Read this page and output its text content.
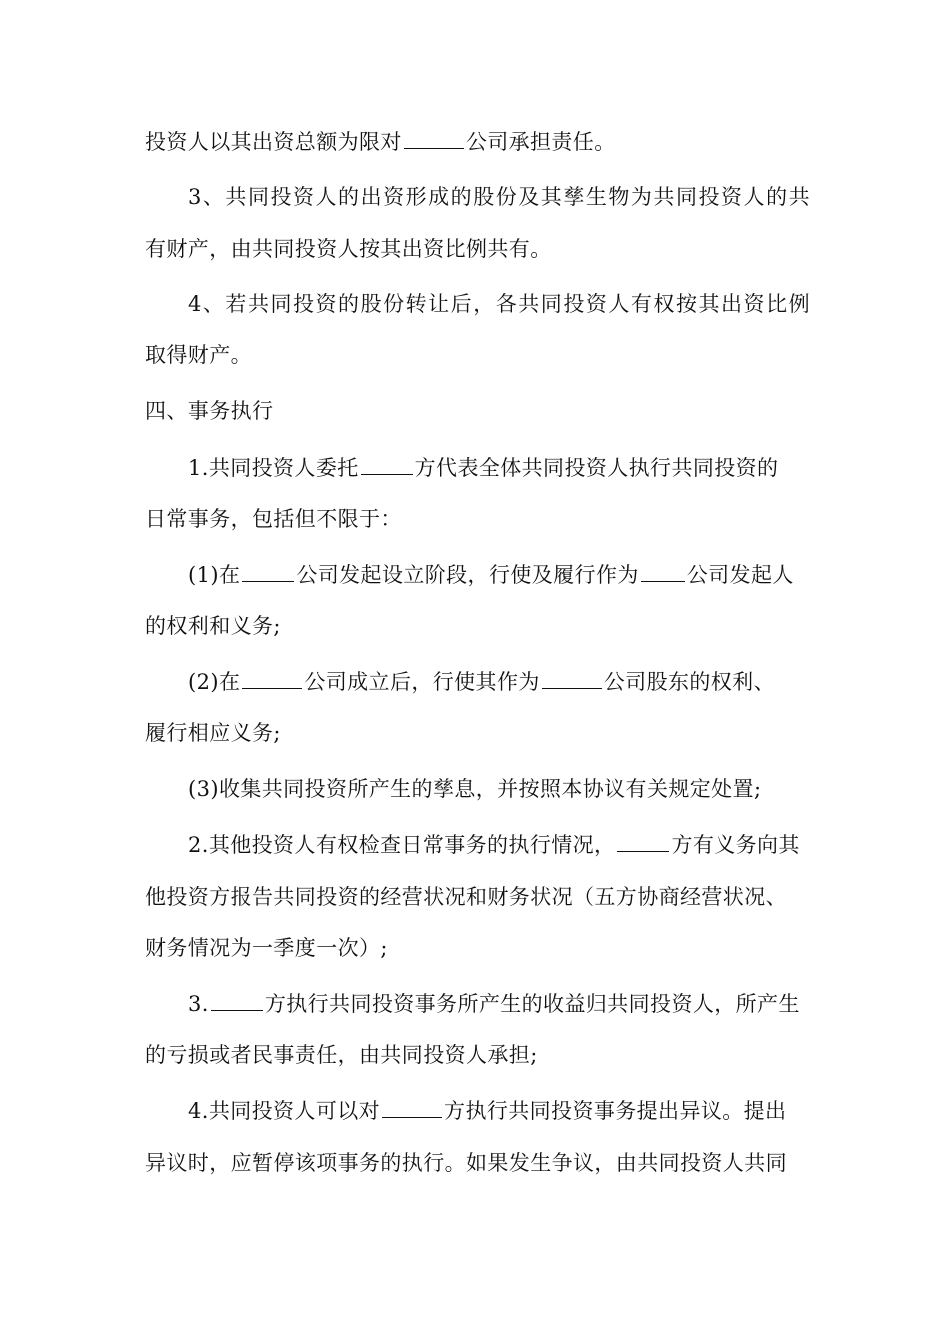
投资人以其出资总额为限对	公司承担责任。
3、共同投资人的出资形成的股份及其孳生物为共同投资人的共
有财产，由共同投资人按其出资比例共有。
4、若共同投资的股份转让后，各共同投资人有权按其出资比例
取得财产。
四、事务执行
1.共同投资人委托	方代表全体共同投资人执行共同投资的
日常事务，包括但不限于：
(1)在	公司发起设立阶段，行使及履行作为 公司发起人
的权利和义务;
(2)在	公司成立后，行使其作为	公司股东的权利、
履行相应义务;
(3)收集共同投资所产生的孳息，并按照本协议有关规定处置;
2.其他投资人有权检查日常事务的执行情况，	方有义务向其
他投资方报告共同投资的经营状况和财务状况（五方协商经营状况、
财务情况为一季度一次）;
3.	方执行共同投资事务所产生的收益归共同投资人，所产生
的亏损或者民事责任，由共同投资人承担;
4.共同投资人可以对	方执行共同投资事务提出异议。提出
异议时，应暂停该项事务的执行。如果发生争议，由共同投资人共同
